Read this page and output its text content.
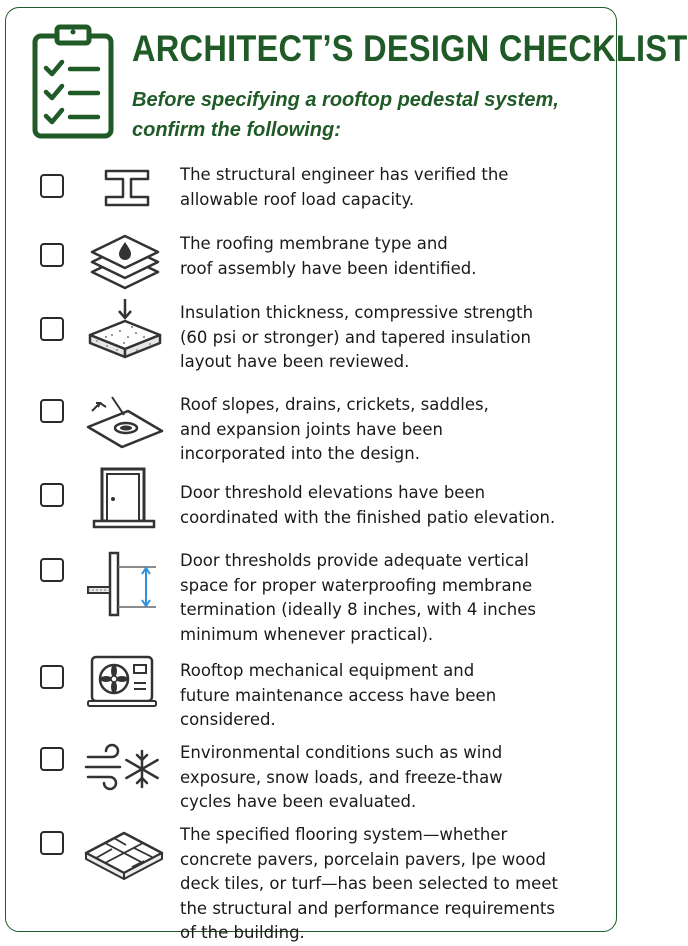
ARCHITECT’S DESIGN CHECKLIST

Before specifying a rooftop pedestal system, confirm the following:

The structural engineer has verified the
allowable roof load capacity.

The roofing membrane type and
roof assembly have been identified.

Insulation thickness, compressive strength
(60 psi or stronger) and tapered insulation
layout have been reviewed.

Roof slopes, drains, crickets, saddles,
and expansion joints have been
incorporated into the design.

Door threshold elevations have been
coordinated with the finished patio elevation.

Door thresholds provide adequate vertical
space for proper waterproofing membrane
termination (ideally 8 inches, with 4 inches
minimum whenever practical).

Rooftop mechanical equipment and
future maintenance access have been
considered.

Environmental conditions such as wind
exposure, snow loads, and freeze-thaw
cycles have been evaluated.

The specified flooring system—whether
concrete pavers, porcelain pavers, Ipe wood
deck tiles, or turf—has been selected to meet
the structural and performance requirements
of the building.
